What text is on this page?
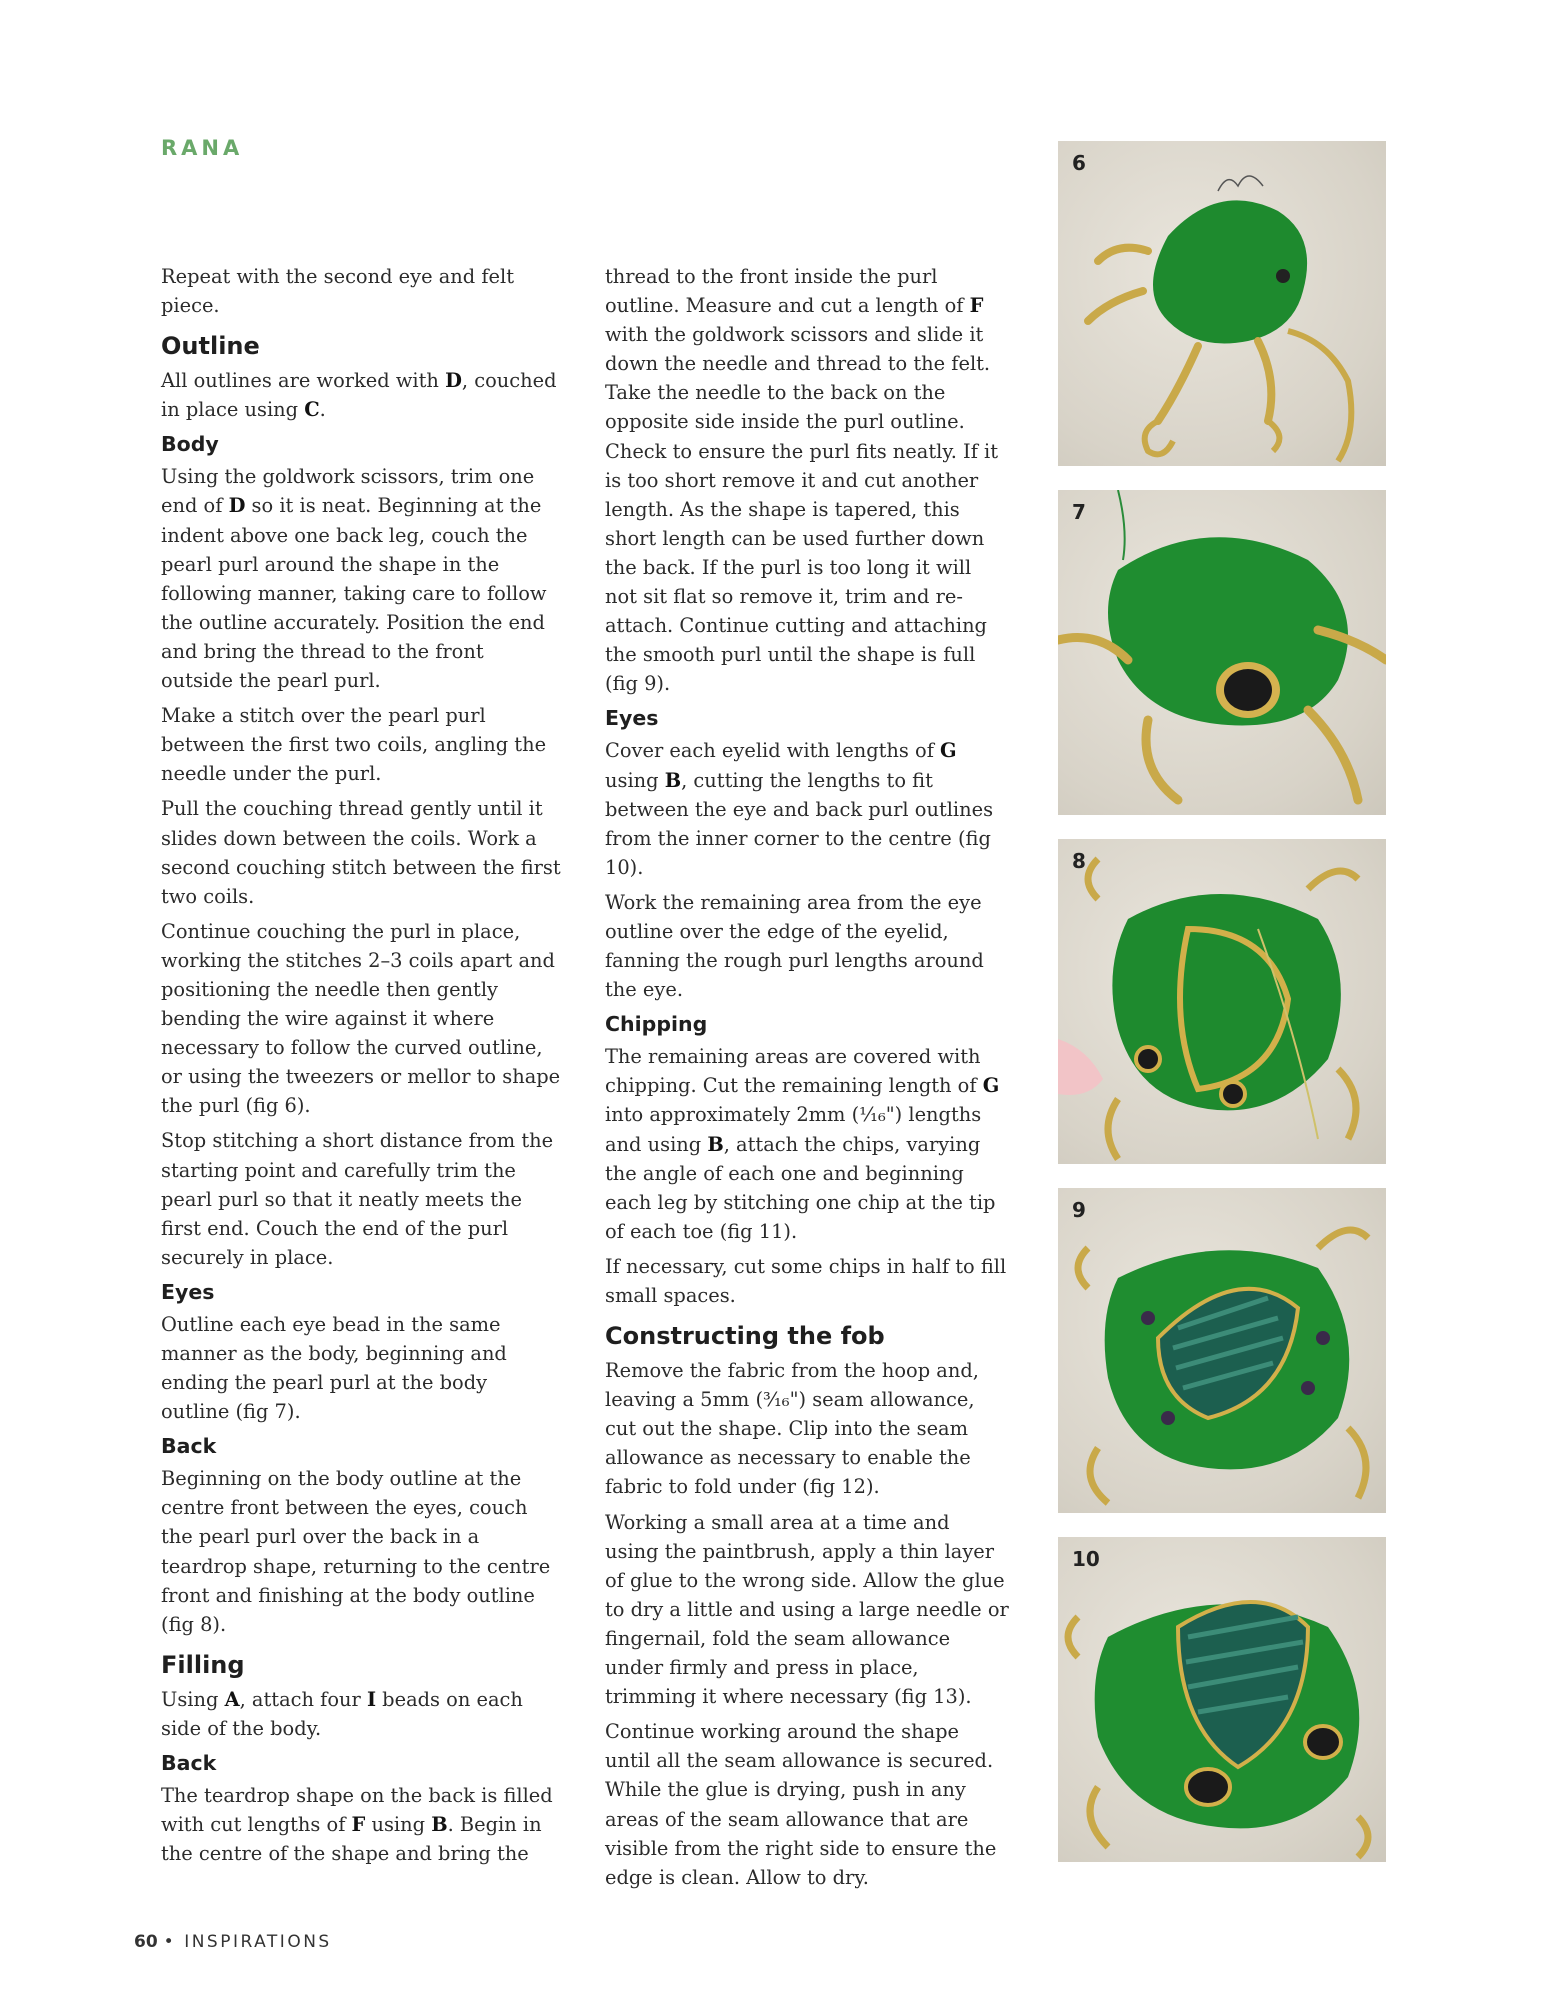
RANA

Repeat with the second eye and felt piece.

Outline

All outlines are worked with D, couched in place using C.

Body

Using the goldwork scissors, trim one end of D so it is neat. Beginning at the indent above one back leg, couch the pearl purl around the shape in the following manner, taking care to follow the outline accurately. Position the end and bring the thread to the front outside the pearl purl.

Make a stitch over the pearl purl between the first two coils, angling the needle under the purl.

Pull the couching thread gently until it slides down between the coils. Work a second couching stitch between the first two coils.

Continue couching the purl in place, working the stitches 2–3 coils apart and positioning the needle then gently bending the wire against it where necessary to follow the curved outline, or using the tweezers or mellor to shape the purl (fig 6).

Stop stitching a short distance from the starting point and carefully trim the pearl purl so that it neatly meets the first end. Couch the end of the purl securely in place.

Eyes

Outline each eye bead in the same manner as the body, beginning and ending the pearl purl at the body outline (fig 7).

Back

Beginning on the body outline at the centre front between the eyes, couch the pearl purl over the back in a teardrop shape, returning to the centre front and finishing at the body outline (fig 8).

Filling

Using A, attach four I beads on each side of the body.

Back

The teardrop shape on the back is filled with cut lengths of F using B. Begin in the centre of the shape and bring the

thread to the front inside the purl outline. Measure and cut a length of F with the goldwork scissors and slide it down the needle and thread to the felt. Take the needle to the back on the opposite side inside the purl outline. Check to ensure the purl fits neatly. If it is too short remove it and cut another length. As the shape is tapered, this short length can be used further down the back. If the purl is too long it will not sit flat so remove it, trim and re-attach. Continue cutting and attaching the smooth purl until the shape is full (fig 9).

Eyes

Cover each eyelid with lengths of G using B, cutting the lengths to fit between the eye and back purl outlines from the inner corner to the centre (fig 10).

Work the remaining area from the eye outline over the edge of the eyelid, fanning the rough purl lengths around the eye.

Chipping

The remaining areas are covered with chipping. Cut the remaining length of G into approximately 2mm (¹⁄₁₆") lengths and using B, attach the chips, varying the angle of each one and beginning each leg by stitching one chip at the tip of each toe (fig 11).

If necessary, cut some chips in half to fill small spaces.

Constructing the fob

Remove the fabric from the hoop and, leaving a 5mm (³⁄₁₆") seam allowance, cut out the shape. Clip into the seam allowance as necessary to enable the fabric to fold under (fig 12).

Working a small area at a time and using the paintbrush, apply a thin layer of glue to the wrong side. Allow the glue to dry a little and using a large needle or fingernail, fold the seam allowance under firmly and press in place, trimming it where necessary (fig 13).

Continue working around the shape until all the seam allowance is secured. While the glue is drying, push in any areas of the seam allowance that are visible from the right side to ensure the edge is clean. Allow to dry.

6
7
8
9
10
60 • INSPIRATIONS
